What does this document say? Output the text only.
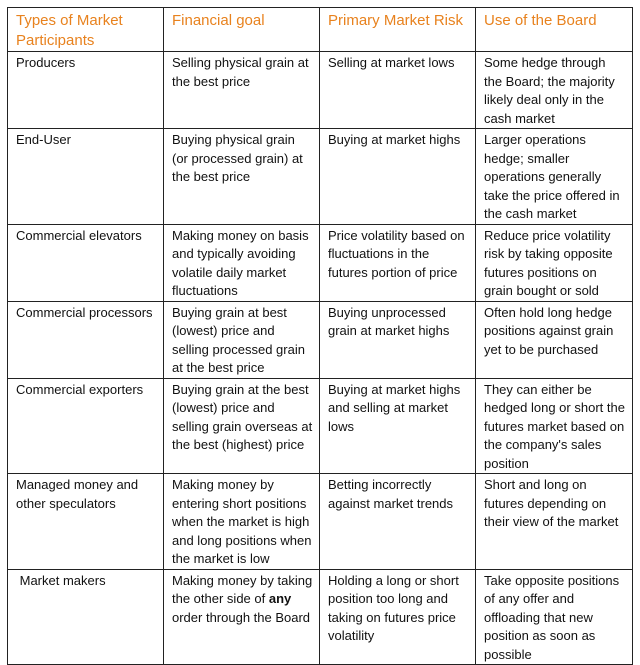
Types of Market Participants	Financial goal	Primary Market Risk	Use of the Board
Producers	Selling physical grain at the best price	Selling at market lows	Some hedge through the Board; the majority likely deal only in the cash market
End-User	Buying physical grain (or processed grain) at the best price	Buying at market highs	Larger operations hedge; smaller operations generally take the price offered in the cash market
Commercial elevators	Making money on basis and typically avoiding volatile daily market fluctuations	Price volatility based on fluctuations in the futures portion of price	Reduce price volatility risk by taking opposite futures positions on grain bought or sold
Commercial processors	Buying grain at best (lowest) price and selling processed grain at the best price	Buying unprocessed grain at market highs	Often hold long hedge positions against grain yet to be purchased
Commercial exporters	Buying grain at the best (lowest) price and selling grain overseas at the best (highest) price	Buying at market highs and selling at market lows	They can either be hedged long or short the futures market based on the company's sales position
Managed money and other speculators	Making money by entering short positions when the market is high and long positions when the market is low	Betting incorrectly against market trends	Short and long on futures depending on their view of the market
Market makers	Making money by taking the other side of any order through the Board	Holding a long or short position too long and taking on futures price volatility	Take opposite positions of any offer and offloading that new position as soon as possible
